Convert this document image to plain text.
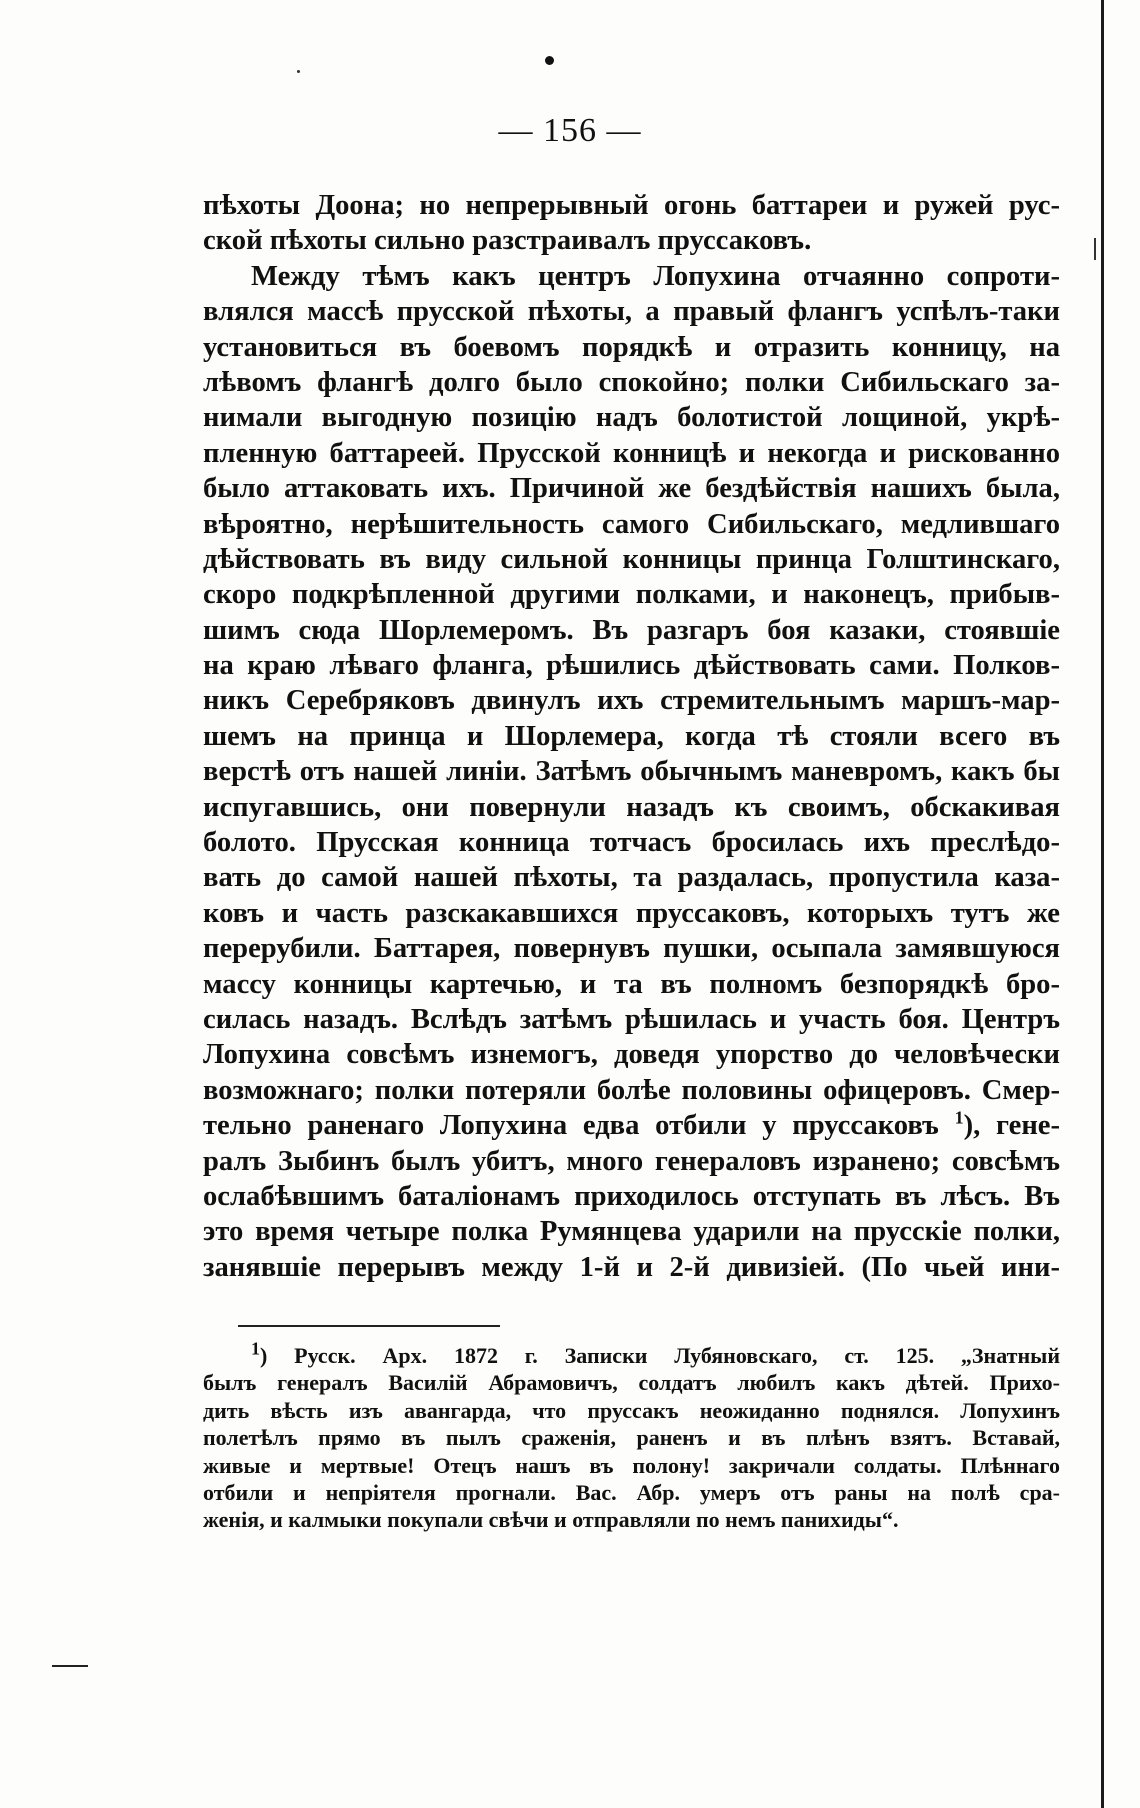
— 156 —
пѣхоты Доона; но непрерывный огонь баттареи и ружей рус-
ской пѣхоты сильно разстраивалъ пруссаковъ.
Между тѣмъ какъ центръ Лопухина отчаянно сопроти-
влялся массѣ прусской пѣхоты, а правый флангъ успѣлъ-таки
установиться въ боевомъ порядкѣ и отразить конницу, на
лѣвомъ флангѣ долго было спокойно; полки Сибильскаго за-
нимали выгодную позицію надъ болотистой лощиной, укрѣ-
пленную баттареей. Прусской конницѣ и некогда и рискованно
было аттаковать ихъ. Причиной же бездѣйствія нашихъ была,
вѣроятно, нерѣшительность самого Сибильскаго, медлившаго
дѣйствовать въ виду сильной конницы принца Голштинскаго,
скоро подкрѣпленной другими полками, и наконецъ, прибыв-
шимъ сюда Шорлемеромъ. Въ разгаръ боя казаки, стоявшіе
на краю лѣваго фланга, рѣшились дѣйствовать сами. Полков-
никъ Серебряковъ двинулъ ихъ стремительнымъ маршъ-мар-
шемъ на принца и Шорлемера, когда тѣ стояли всего въ
верстѣ отъ нашей линіи. Затѣмъ обычнымъ маневромъ, какъ бы
испугавшись, они повернули назадъ къ своимъ, обскакивая
болото. Прусская конница тотчасъ бросилась ихъ преслѣдо-
вать до самой нашей пѣхоты, та раздалась, пропустила каза-
ковъ и часть разскакавшихся пруссаковъ, которыхъ тутъ же
перерубили. Баттарея, повернувъ пушки, осыпала замявшуюся
массу конницы картечью, и та въ полномъ безпорядкѣ бро-
силась назадъ. Вслѣдъ затѣмъ рѣшилась и участь боя. Центръ
Лопухина совсѣмъ изнемогъ, доведя упорство до человѣчески
возможнаго; полки потеряли болѣе половины офицеровъ. Смер-
тельно раненаго Лопухина едва отбили у пруссаковъ $^1$), гене-
ралъ Зыбинъ былъ убитъ, много генераловъ изранено; совсѣмъ
ослабѣвшимъ баталіонамъ приходилось отступать въ лѣсъ. Въ
это время четыре полка Румянцева ударили на прусскіе полки,
занявшіе перерывъ между 1-й и 2-й дивизіей. (По чьей ини-
$^1$) Русск. Арх. 1872 г. Записки Лубяновскаго, ст. 125. „Знатный
былъ генералъ Василій Абрамовичъ, солдатъ любилъ какъ дѣтей. Прихо-
дить вѣсть изъ авангарда, что пруссакъ неожиданно поднялся. Лопухинъ
полетѣлъ прямо въ пылъ сраженія, раненъ и въ плѣнъ взятъ. Вставай,
живые и мертвые! Отецъ нашъ въ полону! закричали солдаты. Плѣннаго
отбили и непріятеля прогнали. Вас. Абр. умеръ отъ раны на полѣ сра-
женія, и калмыки покупали свѣчи и отправляли по немъ панихиды“.
